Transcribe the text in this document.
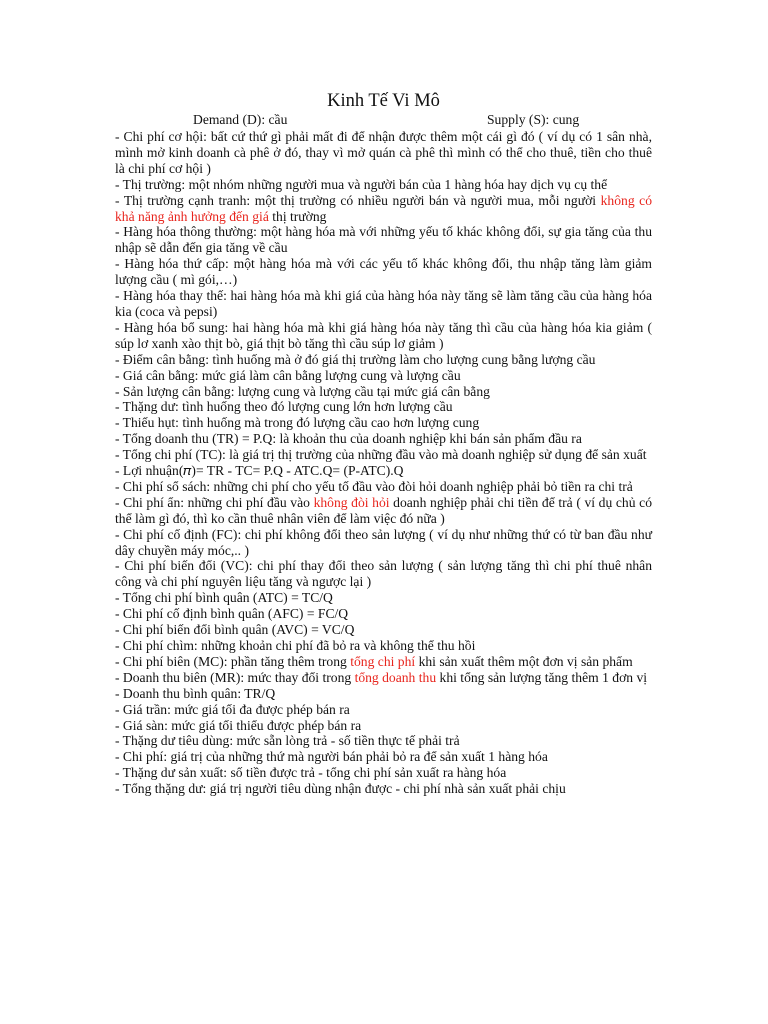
Kinh Tế Vi Mô
Demand (D): cầu	Supply (S): cung

- Chi phí cơ hội: bất cứ thứ gì phải mất đi để nhận được thêm một cái gì đó ( ví dụ có 1 sân nhà, mình mở kinh doanh cà phê ở đó, thay vì mở quán cà phê thì mình có thể cho thuê, tiền cho thuê là chi phí cơ hội )

- Thị trường: một nhóm những người mua và người bán của 1 hàng hóa hay dịch vụ cụ thể

- Thị trường cạnh tranh: một thị trường có nhiều người bán và người mua, mỗi người không có khả năng ảnh hưởng đến giá thị trường

- Hàng hóa thông thường: một hàng hóa mà với những yếu tố khác không đổi, sự gia tăng của thu nhập sẽ dẫn đến gia tăng về cầu

- Hàng hóa thứ cấp: một hàng hóa mà với các yếu tố khác không đổi, thu nhập tăng làm giảm lượng cầu ( mì gói,…)

- Hàng hóa thay thế: hai hàng hóa mà khi giá của hàng hóa này tăng sẽ làm tăng cầu của hàng hóa kia (coca và pepsi)

- Hàng hóa bổ sung: hai hàng hóa mà khi giá hàng hóa này tăng thì cầu của hàng hóa kia giảm ( súp lơ xanh xào thịt bò, giá thịt bò tăng thì cầu súp lơ giảm )

- Điểm cân bằng: tình huống mà ở đó giá thị trường làm cho lượng cung bằng lượng cầu

- Giá cân bằng: mức giá làm cân bằng lượng cung và lượng cầu

- Sản lượng cân bằng: lượng cung và lượng cầu tại mức giá cân bằng

- Thặng dư: tình huống theo đó lượng cung lớn hơn lượng cầu

- Thiếu hụt: tình huống mà trong đó lượng cầu cao hơn lượng cung

- Tổng doanh thu (TR) = P.Q: là khoản thu của doanh nghiệp khi bán sản phẩm đầu ra

- Tổng chi phí (TC): là giá trị thị trường của những đầu vào mà doanh nghiệp sử dụng để sản xuất

- Lợi nhuận(𝜋)= TR - TC= P.Q - ATC.Q= (P-ATC).Q

- Chi phí sổ sách: những chi phí cho yếu tố đầu vào đòi hỏi doanh nghiệp phải bỏ tiền ra chi trả

- Chi phí ẩn: những chi phí đầu vào không đòi hỏi doanh nghiệp phải chi tiền để trả ( ví dụ chủ có thể làm gì đó, thì ko cần thuê nhân viên để làm việc đó nữa )

- Chi phí cố định (FC): chi phí không đổi theo sản lượng ( ví dụ như những thứ có từ ban đầu như dây chuyền máy móc,.. )

- Chi phí biến đổi (VC): chi phí thay đổi theo sản lượng ( sản lượng tăng thì chi phí thuê nhân công và chi phí nguyên liệu tăng và ngược lại )

- Tổng chi phí bình quân (ATC) = TC/Q

- Chi phí cố định bình quân (AFC) = FC/Q

- Chi phí biến đổi bình quân (AVC) = VC/Q

- Chi phí chìm: những khoản chi phí đã bỏ ra và không thể thu hồi

- Chi phí biên (MC): phần tăng thêm trong tổng chi phí khi sản xuất thêm một đơn vị sản phẩm

- Doanh thu biên (MR): mức thay đổi trong tổng doanh thu khi tổng sản lượng tăng thêm 1 đơn vị

- Doanh thu bình quân: TR/Q

- Giá trần: mức giá tối đa được phép bán ra

- Giá sàn: mức giá tối thiểu được phép bán ra

- Thặng dư tiêu dùng: mức sẵn lòng trả - số tiền thực tế phải trả

- Chi phí: giá trị của những thứ mà người bán phải bỏ ra để sản xuất 1 hàng hóa

- Thặng dư sản xuất: số tiền được trả - tổng chi phí sản xuất ra hàng hóa

- Tổng thặng dư: giá trị người tiêu dùng nhận được - chi phí nhà sản xuất phải chịu
